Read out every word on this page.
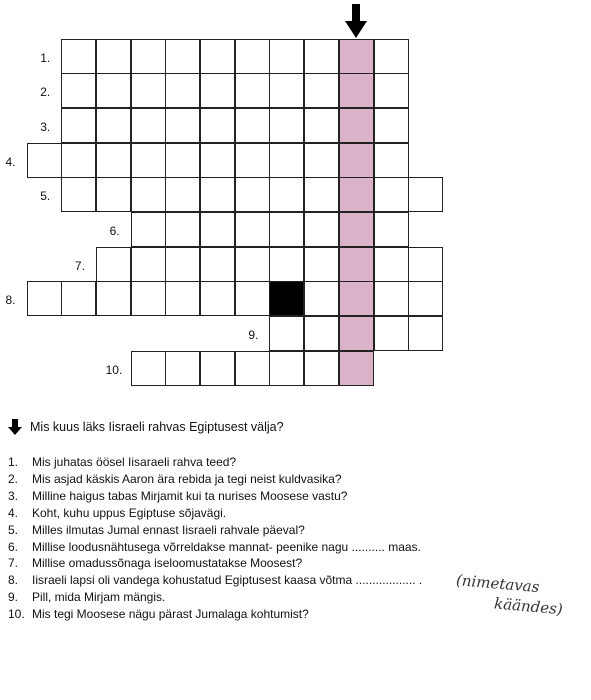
1.
2.
3.
4.
5.
6.
7.
8.
9.
10.
Mis kuus läks Iisraeli rahvas Egiptusest välja?
1. Mis juhatas öösel Iisaraeli rahva teed?
2. Mis asjad käskis Aaron ära rebida ja tegi neist kuldvasika?
3. Milline haigus tabas Mirjamit kui ta nurises Moosese vastu?
4. Koht, kuhu uppus Egiptuse sõjavägi.
5. Milles ilmutas Jumal ennast Iisraeli rahvale päeval?
6. Millise loodusnähtusega võrreldakse mannat- peenike nagu .......... maas.
7. Millise omadussõnaga iseloomustatakse Moosest?
8. Iisraeli lapsi oli vandega kohustatud Egiptusest kaasa võtma .................. .
9. Pill, mida Mirjam mängis.
10. Mis tegi Moosese nägu pärast Jumalaga kohtumist?
(nimetavas
käändes)
